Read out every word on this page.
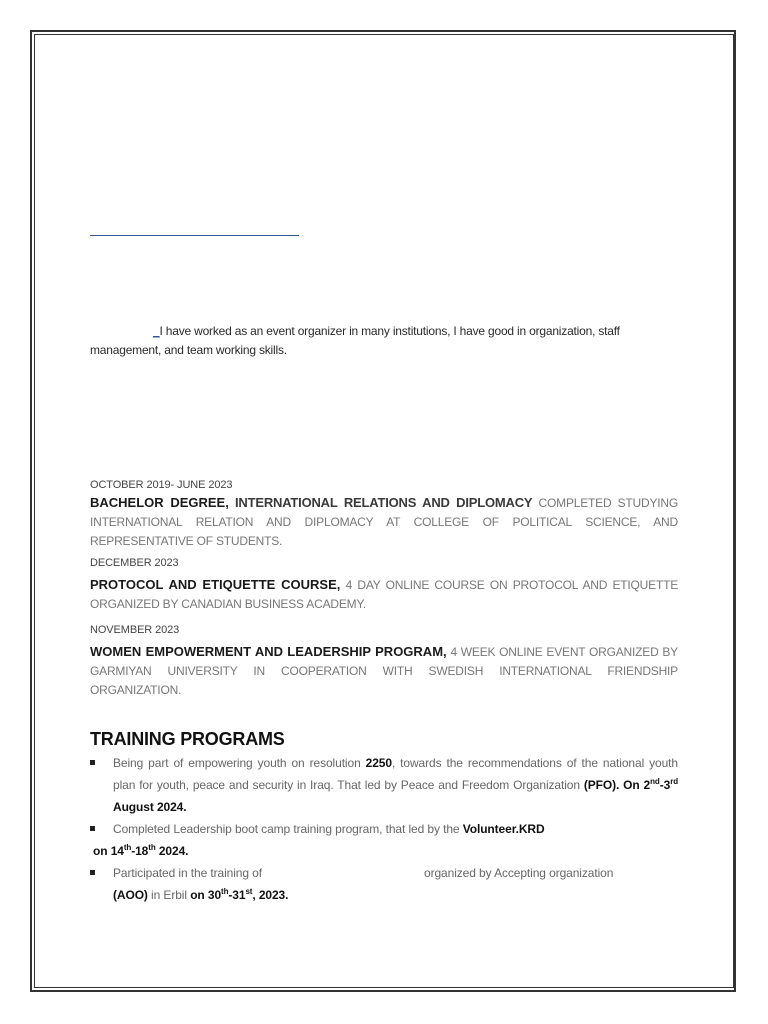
_I have worked as an event organizer in many institutions, I have good in organization, staff management, and team working skills.
OCTOBER 2019- JUNE 2023
BACHELOR DEGREE, INTERNATIONAL RELATIONS AND DIPLOMACY COMPLETED STUDYING INTERNATIONAL RELATION AND DIPLOMACY AT COLLEGE OF POLITICAL SCIENCE, AND REPRESENTATIVE OF STUDENTS.
DECEMBER 2023
PROTOCOL AND ETIQUETTE COURSE, 4 DAY ONLINE COURSE ON PROTOCOL AND ETIQUETTE ORGANIZED BY CANADIAN BUSINESS ACADEMY.
NOVEMBER 2023
WOMEN EMPOWERMENT AND LEADERSHIP PROGRAM, 4 WEEK ONLINE EVENT ORGANIZED BY GARMIYAN UNIVERSITY IN COOPERATION WITH SWEDISH INTERNATIONAL FRIENDSHIP ORGANIZATION.
TRAINING PROGRAMS
Being part of empowering youth on resolution 2250, towards the recommendations of the national youth plan for youth, peace and security in Iraq. That led by Peace and Freedom Organization (PFO). On 2nd-3rd August 2024.
Completed Leadership boot camp training program, that led by the Volunteer.KRD
on 14th-18th 2024.
Participated in the training of	organized by Accepting organization
(AOO) in Erbil on 30th-31st, 2023.
